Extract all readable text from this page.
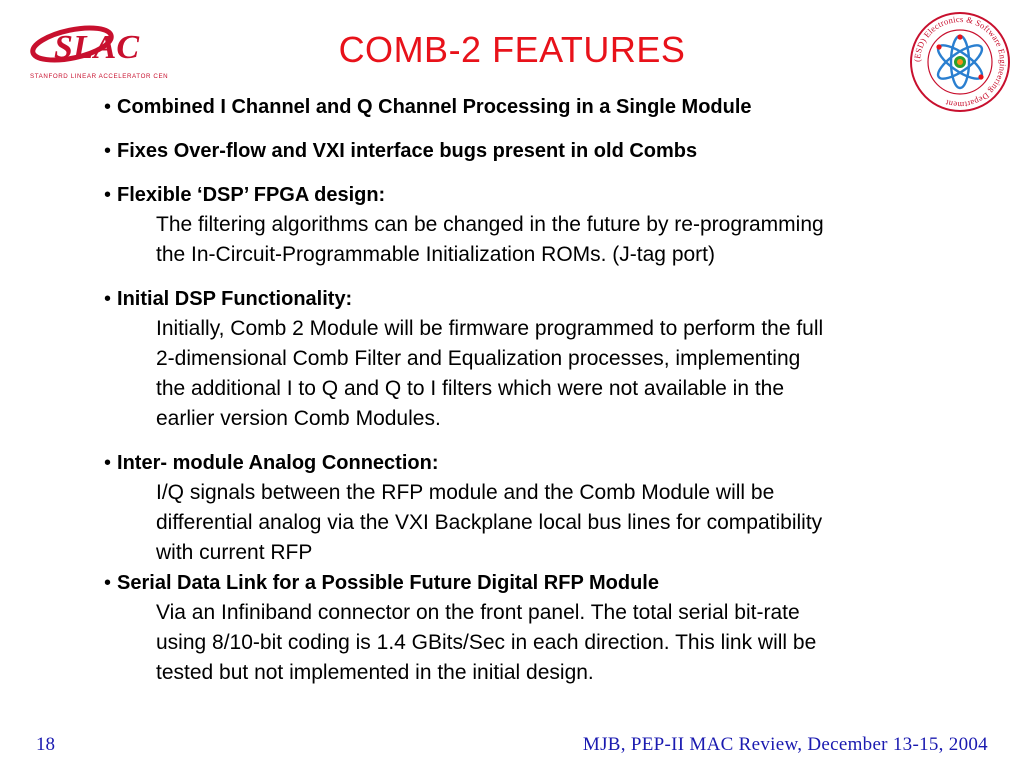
SLAC
STANFORD LINEAR ACCELERATOR CENTER
COMB-2 FEATURES	(ESD) Electronics & Software Engineering Department
• Combined I Channel and Q Channel Processing in a Single Module
• Fixes Over-flow and VXI interface bugs present in old Combs
• Flexible ‘DSP’ FPGA design:
The filtering algorithms can be changed in the future by re-programming
the In-Circuit-Programmable Initialization ROMs. (J-tag port)
• Initial DSP Functionality:
Initially, Comb 2 Module will be firmware programmed to perform the full
2-dimensional Comb Filter and Equalization processes, implementing
the additional I to Q and Q to I filters which were not available in the
earlier version Comb Modules.
• Inter- module Analog Connection:
I/Q signals between the RFP module and the Comb Module will be
differential analog via the VXI Backplane local bus lines for compatibility
with current RFP
• Serial Data Link for a Possible Future Digital RFP Module
Via an Infiniband connector on the front panel. The total serial bit-rate
using 8/10-bit coding is 1.4 GBits/Sec in each direction. This link will be
tested but not implemented in the initial design.
18	MJB, PEP-II MAC Review, December 13-15, 2004
